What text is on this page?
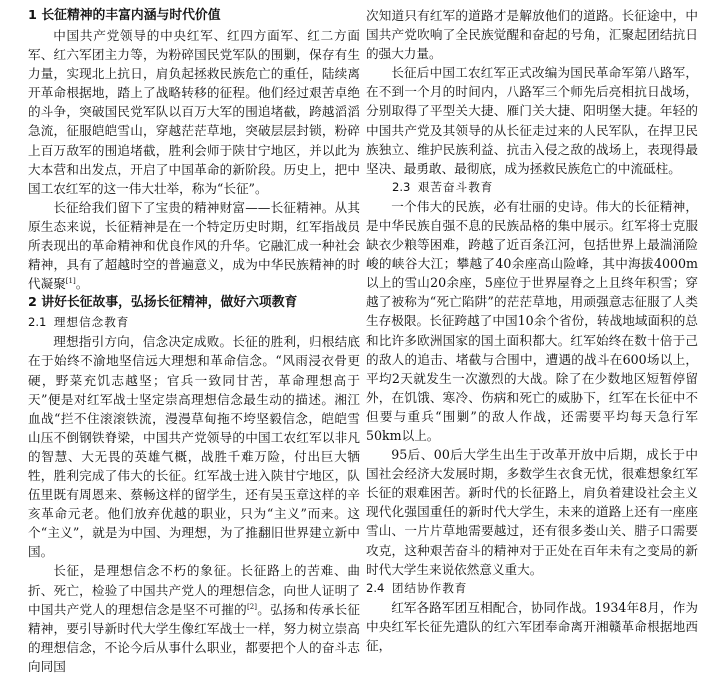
1 长征精神的丰富内涵与时代价值

中国共产党领导的中央红军、红四方面军、红二方面军、红六军团主力等，为粉碎国民党军队的围剿，保存有生力量，实现北上抗日，肩负起拯救民族危亡的重任，陆续离开革命根据地，踏上了战略转移的征程。他们经过艰苦卓绝的斗争，突破国民党军队以百万大军的围追堵截，跨越滔滔急流，征服皑皑雪山，穿越茫茫草地，突破层层封锁，粉碎上百万敌军的围追堵截，胜利会师于陕甘宁地区，并以此为大本营和出发点，开启了中国革命的新阶段。历史上，把中国工农红军的这一伟大壮举，称为“长征”。

长征给我们留下了宝贵的精神财富——长征精神。从其原生态来说，长征精神是在一个特定历史时期，红军指战员所表现出的革命精神和优良作风的升华。它融汇成一种社会精神，具有了超越时空的普遍意义，成为中华民族精神的时代凝聚[1]。

2 讲好长征故事，弘扬长征精神，做好六项教育
2.1 理想信念教育

理想指引方向，信念决定成败。长征的胜利，归根结底在于始终不渝地坚信远大理想和革命信念。“风雨浸衣骨更硬，野菜充饥志越坚；官兵一致同甘苦，革命理想高于天”便是对红军战士坚定崇高理想信念最生动的描述。湘江血战“拦不住滚滚铁流，漫漫草甸拖不垮坚毅信念，皑皑雪山压不倒钢铁脊梁，中国共产党领导的中国工农红军以非凡的智慧、大无畏的英雄气概，战胜千难万险，付出巨大牺牲，胜利完成了伟大的长征。红军战士进入陕甘宁地区，队伍里既有周恩来、蔡畅这样的留学生，还有吴玉章这样的辛亥革命元老。他们放弃优越的职业，只为“主义”而来。这个“主义”，就是为中国、为理想，为了推翻旧世界建立新中国。

长征，是理想信念不朽的象征。长征路上的苦难、曲折、死亡，检验了中国共产党人的理想信念，向世人证明了中国共产党人的理想信念是坚不可摧的[2]。弘扬和传承长征精神，要引导新时代大学生像红军战士一样，努力树立崇高的理想信念，不论今后从事什么职业，都要把个人的奋斗志向同国

次知道只有红军的道路才是解放他们的道路。长征途中，中国共产党吹响了全民族觉醒和奋起的号角，汇聚起团结抗日的强大力量。

长征后中国工农红军正式改编为国民革命军第八路军，在不到一个月的时间内，八路军三个师先后亮相抗日战场，分别取得了平型关大捷、雁门关大捷、阳明堡大捷。年轻的中国共产党及其领导的从长征走过来的人民军队，在捍卫民族独立、维护民族利益、抗击入侵之敌的战场上，表现得最坚决、最勇敢、最彻底，成为拯救民族危亡的中流砥柱。

2.3 艰苦奋斗教育

一个伟大的民族，必有壮丽的史诗。伟大的长征精神，是中华民族自强不息的民族品格的集中展示。红军将士克服缺衣少粮等困难，跨越了近百条江河，包括世界上最湍涌险峻的峡谷大江；攀越了40余座高山险峰，其中海拔4000m以上的雪山20余座，5座位于世界屋脊之上且终年积雪；穿越了被称为“死亡陷阱”的茫茫草地，用顽强意志征服了人类生存极限。长征跨越了中国10余个省份，转战地域面积的总和比许多欧洲国家的国土面积都大。红军始终在数十倍于己的敌人的追击、堵截与合围中，遭遇的战斗在600场以上，平均2天就发生一次激烈的大战。除了在少数地区短暂停留外，在饥饿、寒冷、伤病和死亡的威胁下，红军在长征中不但要与重兵“围剿”的敌人作战，还需要平均每天急行军50km以上。

95后、00后大学生出生于改革开放中后期，成长于中国社会经济大发展时期，多数学生衣食无忧，很难想象红军长征的艰难困苦。新时代的长征路上，肩负着建设社会主义现代化强国重任的新时代大学生，未来的道路上还有一座座雪山、一片片草地需要越过，还有很多娄山关、腊子口需要攻克，这种艰苦奋斗的精神对于正处在百年未有之变局的新时代大学生来说依然意义重大。

2.4 团结协作教育

红军各路军团互相配合，协同作战。1934年8月，作为中央红军长征先遣队的红六军团奉命离开湘赣革命根据地西征，
